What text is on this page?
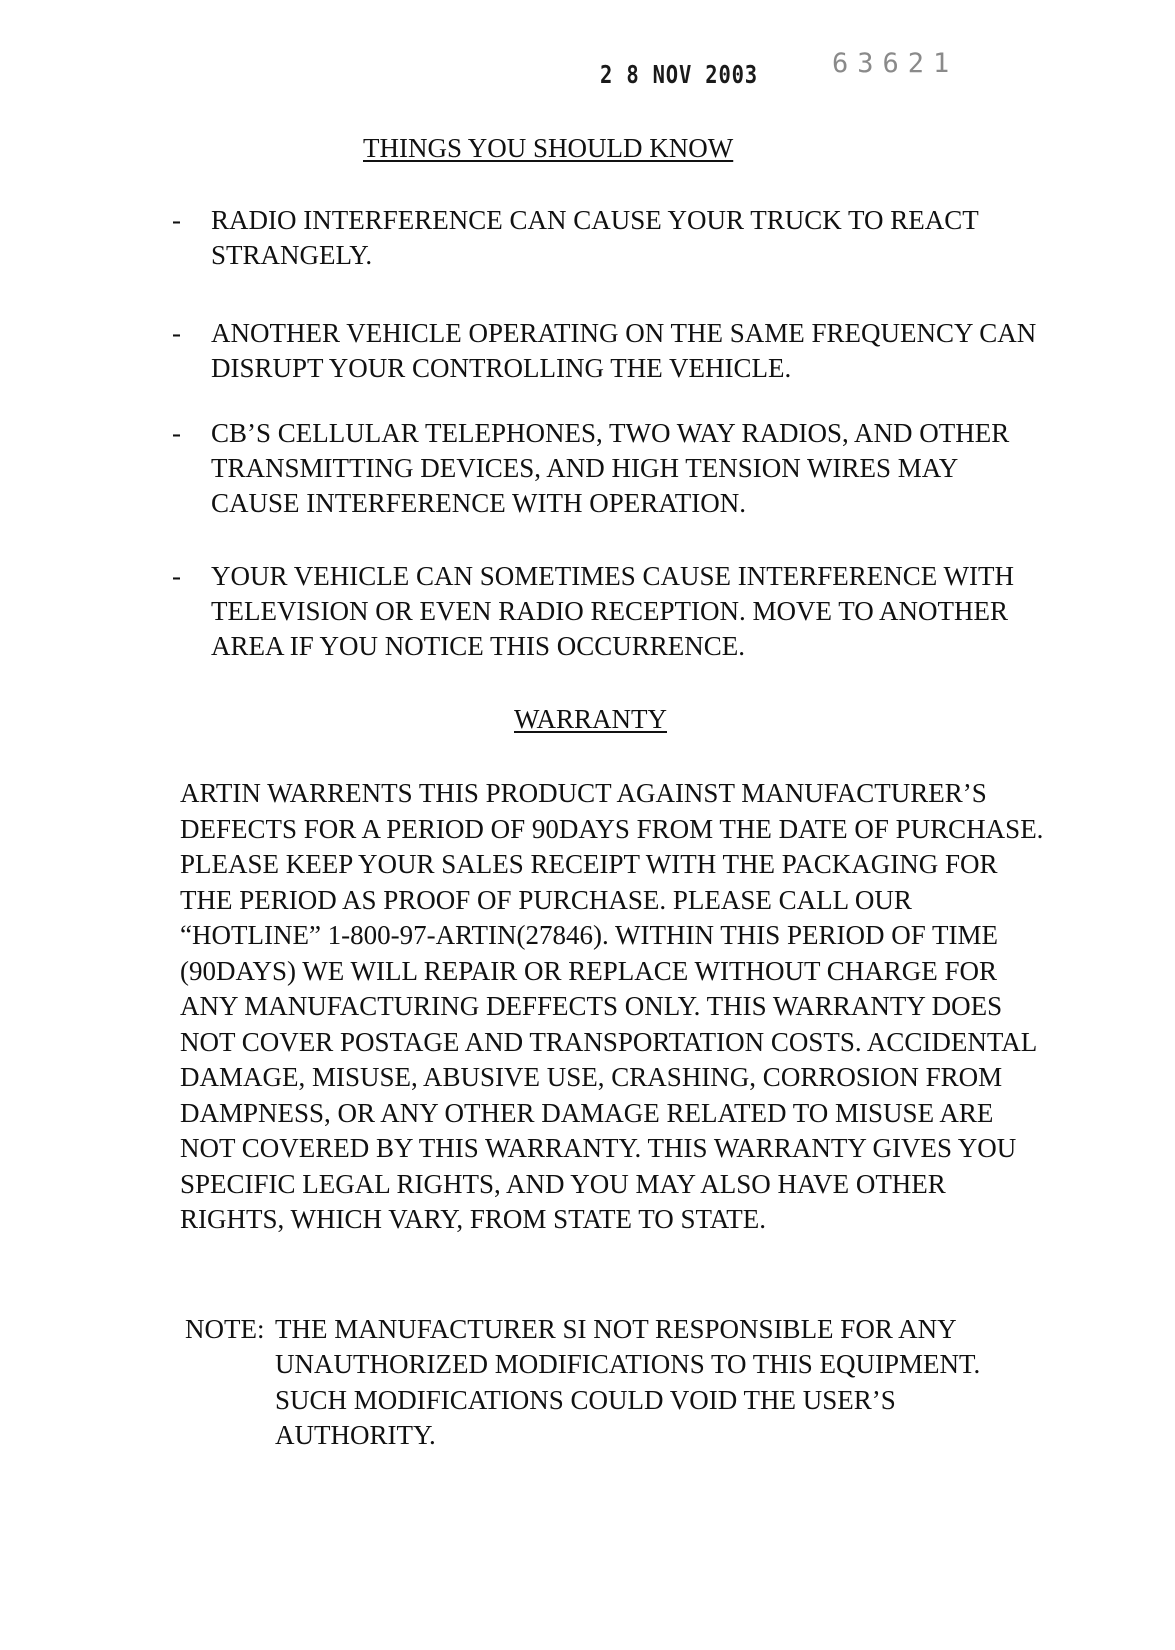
2 8 NOV 2003	63621
THINGS YOU SHOULD KNOW
- RADIO INTERFERENCE CAN CAUSE YOUR TRUCK TO REACT
STRANGELY.
- ANOTHER VEHICLE OPERATING ON THE SAME FREQUENCY CAN
DISRUPT YOUR CONTROLLING THE VEHICLE.
- CB’S CELLULAR TELEPHONES, TWO WAY RADIOS, AND OTHER
TRANSMITTING DEVICES, AND HIGH TENSION WIRES MAY
CAUSE INTERFERENCE WITH OPERATION.
- YOUR VEHICLE CAN SOMETIMES CAUSE INTERFERENCE WITH
TELEVISION OR EVEN RADIO RECEPTION. MOVE TO ANOTHER
AREA IF YOU NOTICE THIS OCCURRENCE.
WARRANTY
ARTIN WARRENTS THIS PRODUCT AGAINST MANUFACTURER’S
DEFECTS FOR A PERIOD OF 90DAYS FROM THE DATE OF PURCHASE.
PLEASE KEEP YOUR SALES RECEIPT WITH THE PACKAGING FOR
THE PERIOD AS PROOF OF PURCHASE. PLEASE CALL OUR
“HOTLINE” 1-800-97-ARTIN(27846). WITHIN THIS PERIOD OF TIME
(90DAYS) WE WILL REPAIR OR REPLACE WITHOUT CHARGE FOR
ANY MANUFACTURING DEFFECTS ONLY. THIS WARRANTY DOES
NOT COVER POSTAGE AND TRANSPORTATION COSTS. ACCIDENTAL
DAMAGE, MISUSE, ABUSIVE USE, CRASHING, CORROSION FROM
DAMPNESS, OR ANY OTHER DAMAGE RELATED TO MISUSE ARE
NOT COVERED BY THIS WARRANTY. THIS WARRANTY GIVES YOU
SPECIFIC LEGAL RIGHTS, AND YOU MAY ALSO HAVE OTHER
RIGHTS, WHICH VARY, FROM STATE TO STATE.
NOTE: THE MANUFACTURER SI NOT RESPONSIBLE FOR ANY
UNAUTHORIZED MODIFICATIONS TO THIS EQUIPMENT.
SUCH MODIFICATIONS COULD VOID THE USER’S
AUTHORITY.
